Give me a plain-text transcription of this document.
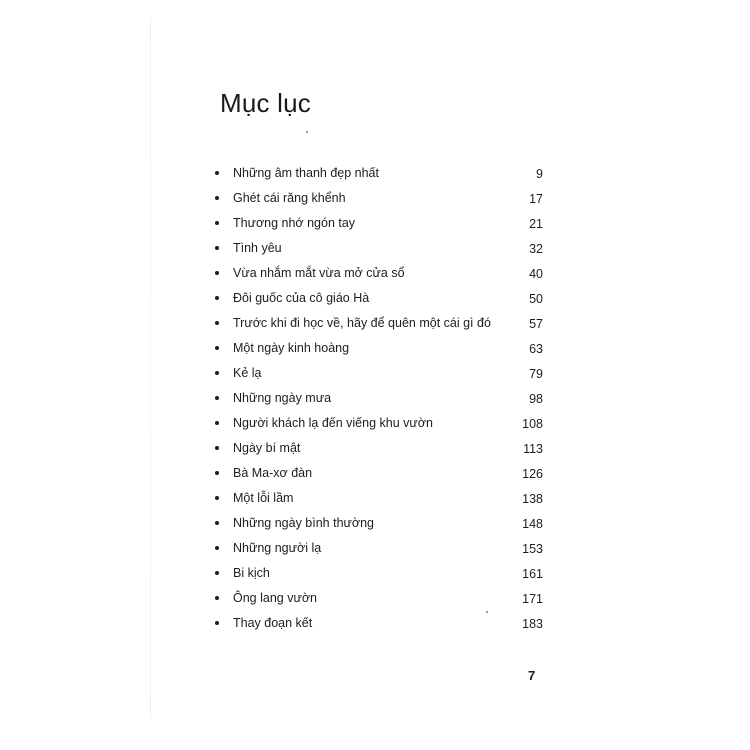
Mục lục
Những âm thanh đẹp nhất	9
Ghét cái răng khểnh	17
Thương nhớ ngón tay	21
Tình yêu	32
Vừa nhắm mắt vừa mở cửa sổ	40
Đôi guốc của cô giáo Hà	50
Trước khi đi học về, hãy để quên một cái gì đó	57
Một ngày kinh hoàng	63
Kẻ lạ	79
Những ngày mưa	98
Người khách lạ đến viếng khu vườn	108
Ngày bí mật	113
Bà Ma-xơ đàn	126
Một lỗi lầm	138
Những ngày bình thường	148
Những người lạ	153
Bi kịch	161
Ông lang vườn	171
Thay đoạn kết	183
7
